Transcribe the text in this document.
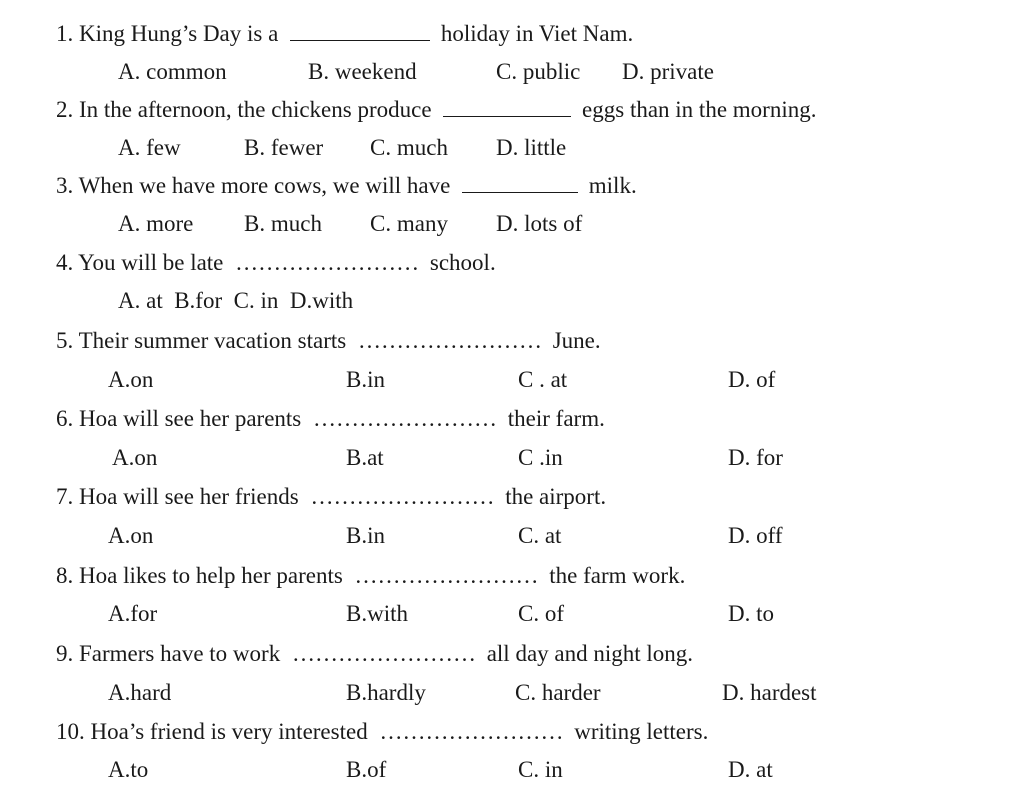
1. King Hung’s Day is a	holiday in Viet Nam.
A. common	B. weekend	C. public D. private
2. In the afternoon, the chickens produce	eggs than in the morning.
A. few	B. fewer C. much D. little
3. When we have more cows, we will have	milk.
A. more B. much C. many D. lots of
4. You will be late …………………… school.
A. at  B.for  C. in  D.with
5. Their summer vacation starts …………………… June.
A.on	B.in	C . at	D. of
6. Hoa will see her parents …………………… their farm.
A.on	B.at	C .in	D. for
7. Hoa will see her friends …………………… the airport.
A.on	B.in	C. at	D. off
8. Hoa likes to help her parents …………………… the farm work.
A.for	B.with	C. of	D. to
9. Farmers have to work …………………… all day and night long.
A.hard	B.hardly	C. harder	D. hardest
10. Hoa’s friend is very interested …………………… writing letters.
A.to	B.of	C. in	D. at
